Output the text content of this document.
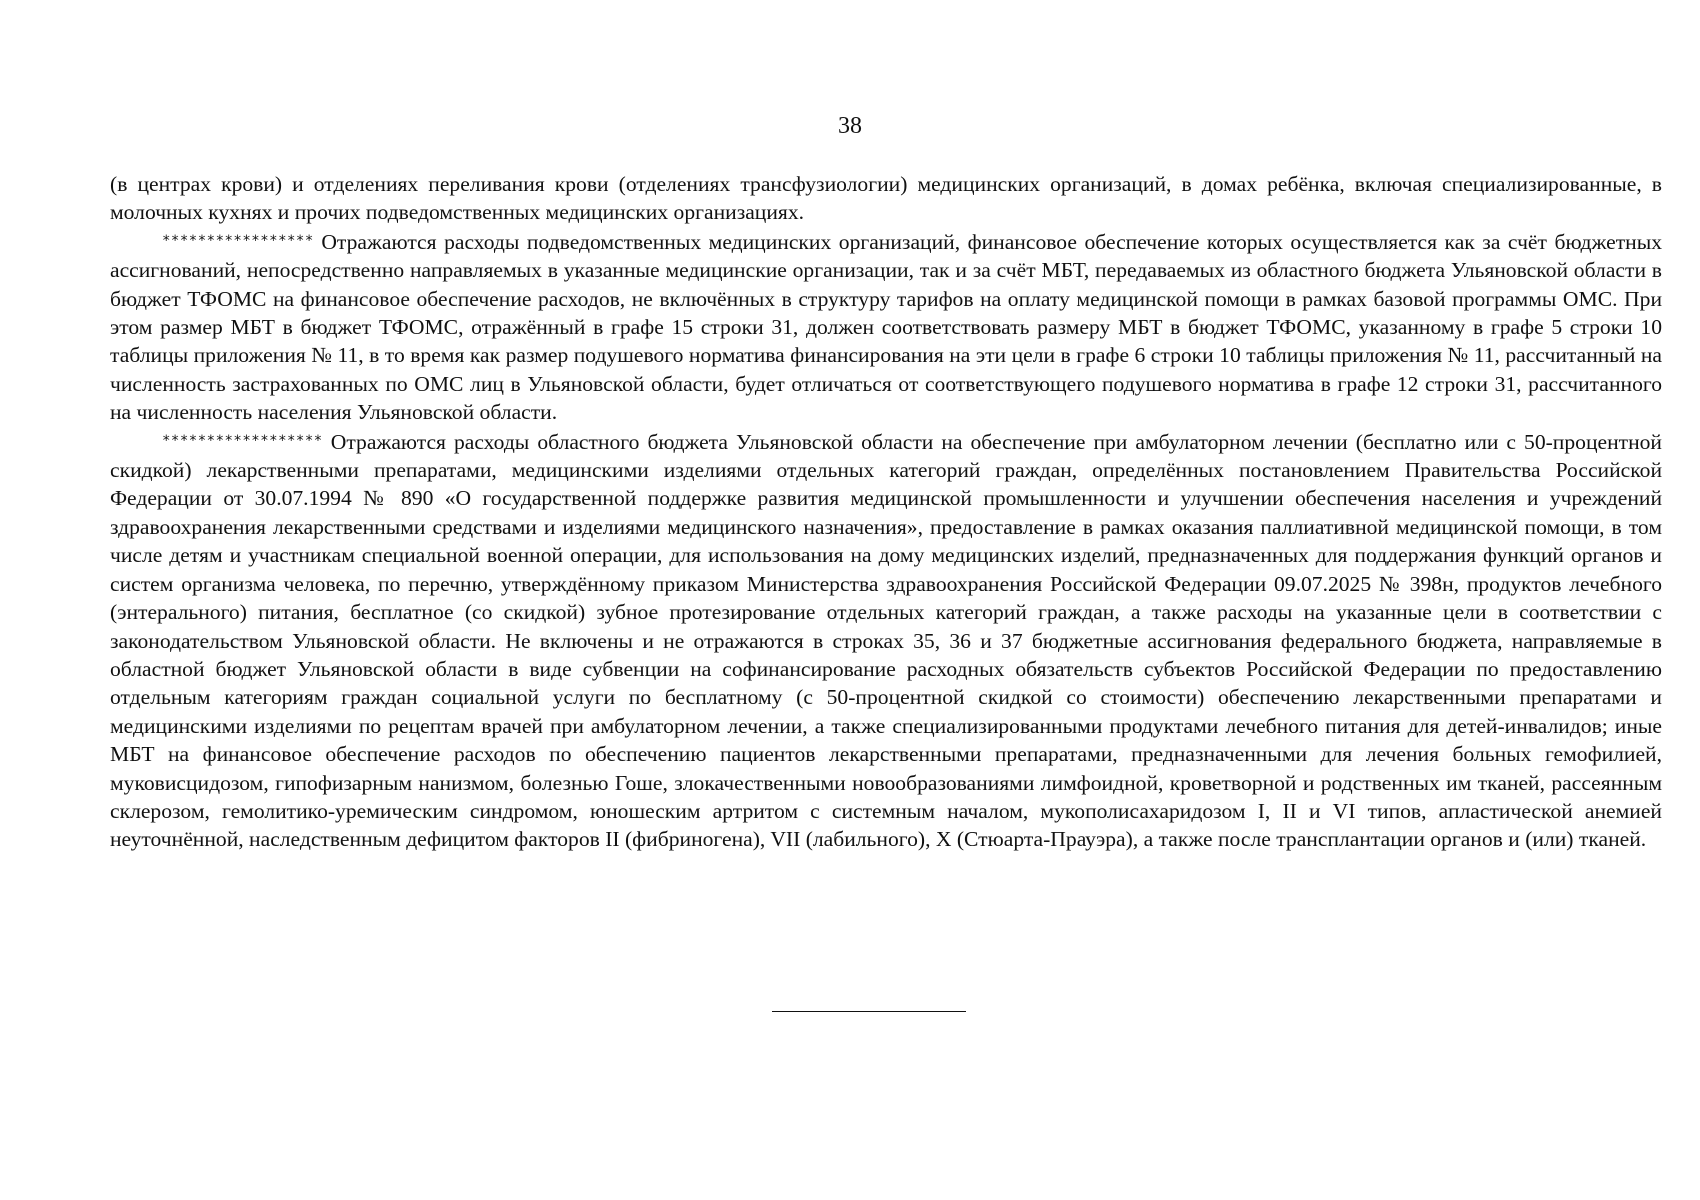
38

(в центрах крови) и отделениях переливания крови (отделениях трансфузиологии) медицинских организаций, в домах ребёнка, включая специализированные, в молочных кухнях и прочих подведомственных медицинских организациях.

***************** Отражаются расходы подведомственных медицинских организаций, финансовое обеспечение которых осуществляется как за счёт бюджетных ассигнований, непосредственно направляемых в указанные медицинские организации, так и за счёт МБТ, передаваемых из областного бюджета Ульяновской области в бюджет ТФОМС на финансовое обеспечение расходов, не включённых в структуру тарифов на оплату медицинской помощи в рамках базовой программы ОМС. При этом размер МБТ в бюджет ТФОМС, отражённый в графе 15 строки 31, должен соответствовать размеру МБТ в бюджет ТФОМС, указанному в графе 5 строки 10 таблицы приложения № 11, в то время как размер подушевого норматива финансирования на эти цели в графе 6 строки 10 таблицы приложения № 11, рассчитанный на численность застрахованных по ОМС лиц в Ульяновской области, будет отличаться от соответствующего подушевого норматива в графе 12 строки 31, рассчитанного на численность населения Ульяновской области.

****************** Отражаются расходы областного бюджета Ульяновской области на обеспечение при амбулаторном лечении (бесплатно или с 50-процентной скидкой) лекарственными препаратами, медицинскими изделиями отдельных категорий граждан, определённых постановлением Правительства Российской Федерации от 30.07.1994 № 890 «О государственной поддержке развития медицинской промышленности и улучшении обеспечения населения и учреждений здравоохранения лекарственными средствами и изделиями медицинского назначения», предоставление в рамках оказания паллиативной медицинской помощи, в том числе детям и участникам специальной военной операции, для использования на дому медицинских изделий, предназначенных для поддержания функций органов и систем организма человека, по перечню, утверждённому приказом Министерства здравоохранения Российской Федерации 09.07.2025 № 398н, продуктов лечебного (энтерального) питания, бесплатное (со скидкой) зубное протезирование отдельных категорий граждан, а также расходы на указанные цели в соответствии с законодательством Ульяновской области. Не включены и не отражаются в строках 35, 36 и 37 бюджетные ассигнования федерального бюджета, направляемые в областной бюджет Ульяновской области в виде субвенции на софинансирование расходных обязательств субъектов Российской Федерации по предоставлению отдельным категориям граждан социальной услуги по бесплатному (с 50-процентной скидкой со стоимости) обеспечению лекарственными препаратами и медицинскими изделиями по рецептам врачей при амбулаторном лечении, а также специализированными продуктами лечебного питания для детей-инвалидов; иные МБТ на финансовое обеспечение расходов по обеспечению пациентов лекарственными препаратами, предназначенными для лечения больных гемофилией, муковисцидозом, гипофизарным нанизмом, болезнью Гоше, злокачественными новообразованиями лимфоидной, кроветворной и родственных им тканей, рассеянным склерозом, гемолитико-уремическим синдромом, юношеским артритом с системным началом, мукополисахаридозом I, II и VI типов, апластической анемией неуточнённой, наследственным дефицитом факторов II (фибриногена), VII (лабильного), X (Стюарта-Прауэра), а также после трансплантации органов и (или) тканей.
